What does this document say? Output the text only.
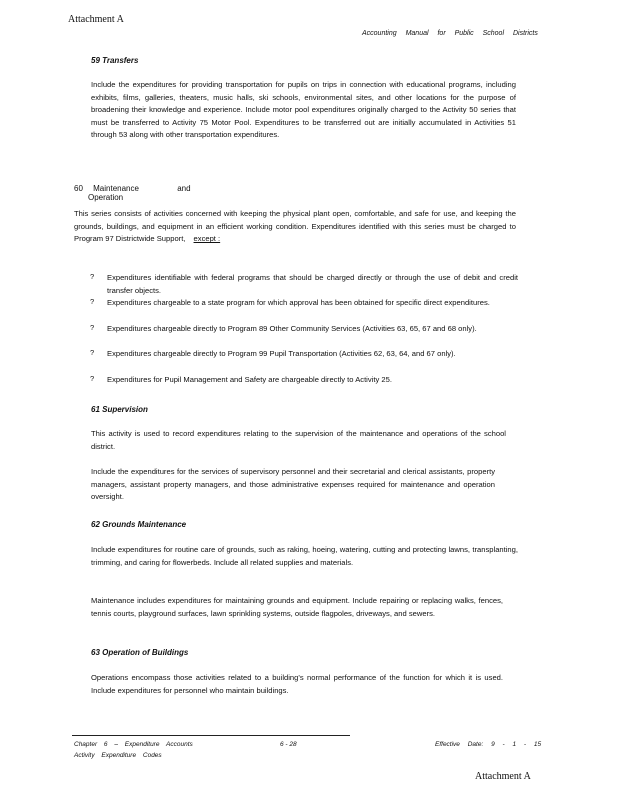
Attachment A
Accounting Manual for Public School Districts
59 Transfers
Include the expenditures for providing transportation for pupils on trips in connection with educational programs, including exhibits, films, galleries, theaters, music halls, ski schools, environmental sites, and other locations for the purpose of broadening their knowledge and experience. Include motor pool expenditures originally charged to the Activity 50 series that must be transferred to Activity 75 Motor Pool. Expenditures to be transferred out are initially accumulated in Activities 51 through 53 along with other transportation expenditures.
60 Maintenance	and Operation
This series consists of activities concerned with keeping the physical plant open, comfortable, and safe for use, and keeping the grounds, buildings, and equipment in an efficient working condition. Expenditures identified with this series must be charged to Program 97 Districtwide Support, except :
? Expenditures identifiable with federal programs that should be charged directly or through the use of debit and credit transfer objects.
? Expenditures chargeable to a state program for which approval has been obtained for specific direct expenditures.
? Expenditures chargeable directly to Program 89 Other Community Services (Activities 63, 65, 67 and 68 only).
? Expenditures chargeable directly to Program 99 Pupil Transportation (Activities 62, 63, 64, and 67 only).
? Expenditures for Pupil Management and Safety are chargeable directly to Activity 25.
61 Supervision
This activity is used to record expenditures relating to the supervision of the maintenance and operations of the school district.
Include the expenditures for the services of supervisory personnel and their secretarial and clerical assistants, property managers, assistant property managers, and those administrative expenses required for maintenance and operation oversight.
62 Grounds Maintenance
Include expenditures for routine care of grounds, such as raking, hoeing, watering, cutting and protecting lawns, transplanting, trimming, and caring for flowerbeds. Include all related supplies and materials.
Maintenance includes expenditures for maintaining grounds and equipment. Include repairing or replacing walks, fences, tennis courts, playground surfaces, lawn sprinkling systems, outside flagpoles, driveways, and sewers.
63 Operation of Buildings
Operations encompass those activities related to a building's normal performance of the function for which it is used. Include expenditures for personnel who maintain buildings.
Chapter 6 – Expenditure Accounts
Activity Expenditure Codes
6 - 28	Effective Date: 9 - 1 - 15
Attachment A
